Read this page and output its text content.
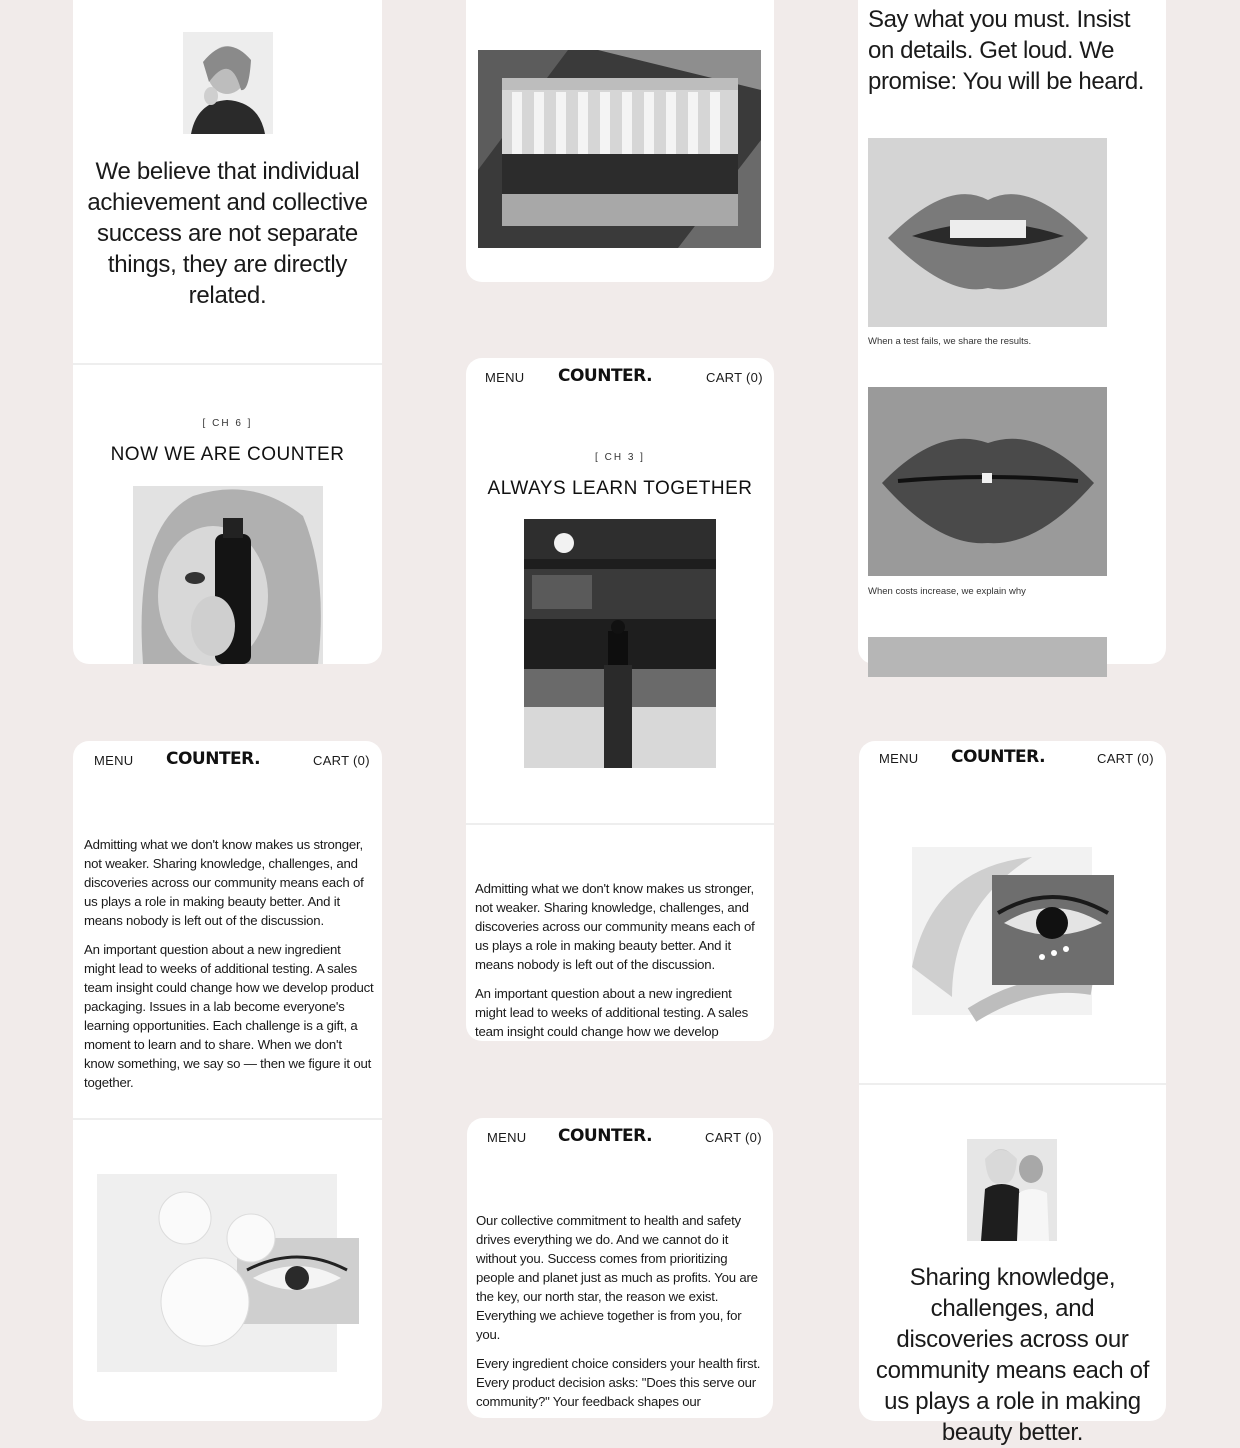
We believe that individual achievement and collective success are not separate things, they are directly related.
[ CH 6 ]
NOW WE ARE COUNTER
Say what you must. Insist on details. Get loud. We promise: You will be heard.
When a test fails, we share the results.
When costs increase, we explain why
MENU COUNTER.	CART (0)
[ CH 3 ]
ALWAYS LEARN TOGETHER

Admitting what we don't know makes us stronger, not weaker. Sharing knowledge, challenges, and discoveries across our community means each of us plays a role in making beauty better. And it means nobody is left out of the discussion.

An important question about a new ingredient might lead to weeks of additional testing. A sales team insight could change how we develop

MENU COUNTER.	CART (0)

Admitting what we don't know makes us stronger, not weaker. Sharing knowledge, challenges, and discoveries across our community means each of us plays a role in making beauty better. And it means nobody is left out of the discussion.

An important question about a new ingredient might lead to weeks of additional testing. A sales team insight could change how we develop product packaging. Issues in a lab become everyone's learning opportunities. Each challenge is a gift, a moment to learn and to share. When we don't know something, we say so — then we figure it out together.

MENU COUNTER.	CART (0)

Our collective commitment to health and safety drives everything we do. And we cannot do it without you. Success comes from prioritizing people and planet just as much as profits. You are the key, our north star, the reason we exist. Everything we achieve together is from you, for you.

Every ingredient choice considers your health first. Every product decision asks: "Does this serve our community?" Your feedback shapes our

MENU COUNTER.	CART (0)
Sharing knowledge, challenges, and discoveries across our community means each of us plays a role in making beauty better.
